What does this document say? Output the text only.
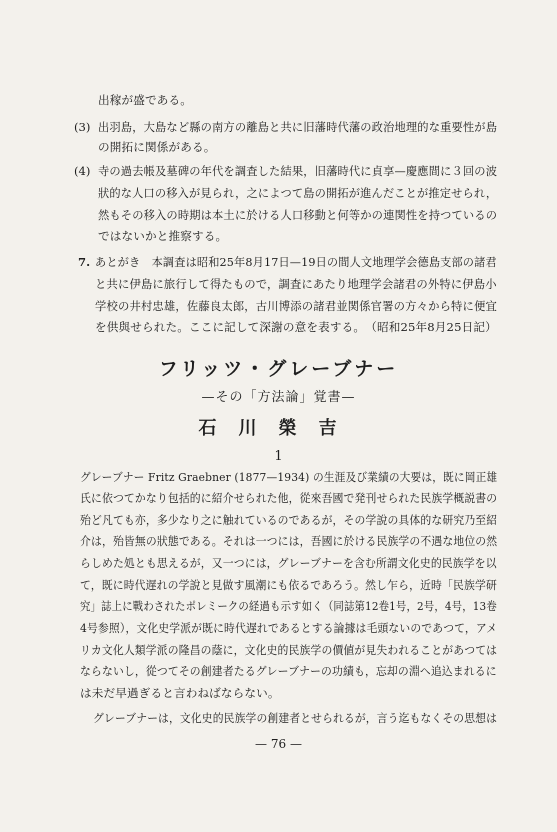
出稼が盛である。
(3) 出羽島，大島など縣の南方の離島と共に旧藩時代藩の政治地理的な重要性が島
の開拓に関係がある。
(4) 寺の過去帳及墓碑の年代を調査した結果，旧藩時代に貞享—慶應間に３回の波
狀的な人口の移入が見られ，之によつて島の開拓が進んだことが推定せられ，
然もその移入の時期は本土に於ける人口移動と何等かの連関性を持つているの
ではないかと推察する。
7. あとがき　本調査は昭和25年8月17日—19日の間人文地理学会德島支部の諸君
と共に伊島に旅行して得たもので，調査にあたり地理学会諸君の外特に伊島小
学校の井村忠雄，佐藤良太郎，古川博添の諸君並関係官署の方々から特に便宜
を供與せられた。ここに記して深謝の意を表する。　（昭和25年8月25日記）
フリッツ・グレーブナー
—その「方法論」覚書—
石川榮吉
1
グレーブナー Fritz Graebner (1877—1934) の生涯及び業績の大要は，既に岡正雄
氏に依つてかなり包括的に紹介せられた他，從來吾國で発刊せられた民族学概説書の
殆ど凡ても亦，多少なり之に触れているのであるが，その学說の具体的な研究乃至紹
介は，殆皆無の狀態である。それは一つには，吾國に於ける民族学の不遇な地位の然
らしめた処とも思えるが，又一つには，グレーブナーを含む所謂文化史的民族学を以
て，既に時代遅れの学說と見做す風潮にも依るであろう。然し乍ら，近時「民族学研
究」誌上に戰わされたポレミークの経過も示す如く（同誌第12卷1号，2号，4号，13卷
4号参照），文化史学派が既に時代遅れであるとする論據は毛頭ないのであつて，アメ
リカ文化人類学派の隆昌の蔭に，文化史的民族学の價値が見失われることがあつては
ならないし，從つてその創建者たるグレーブナーの功績も，忘却の淵へ追込まれるに
は未だ早過ぎると言わねばならない。
グレーブナーは，文化史的民族学の創建者とせられるが，言う迄もなくその思想は
— 76 —
